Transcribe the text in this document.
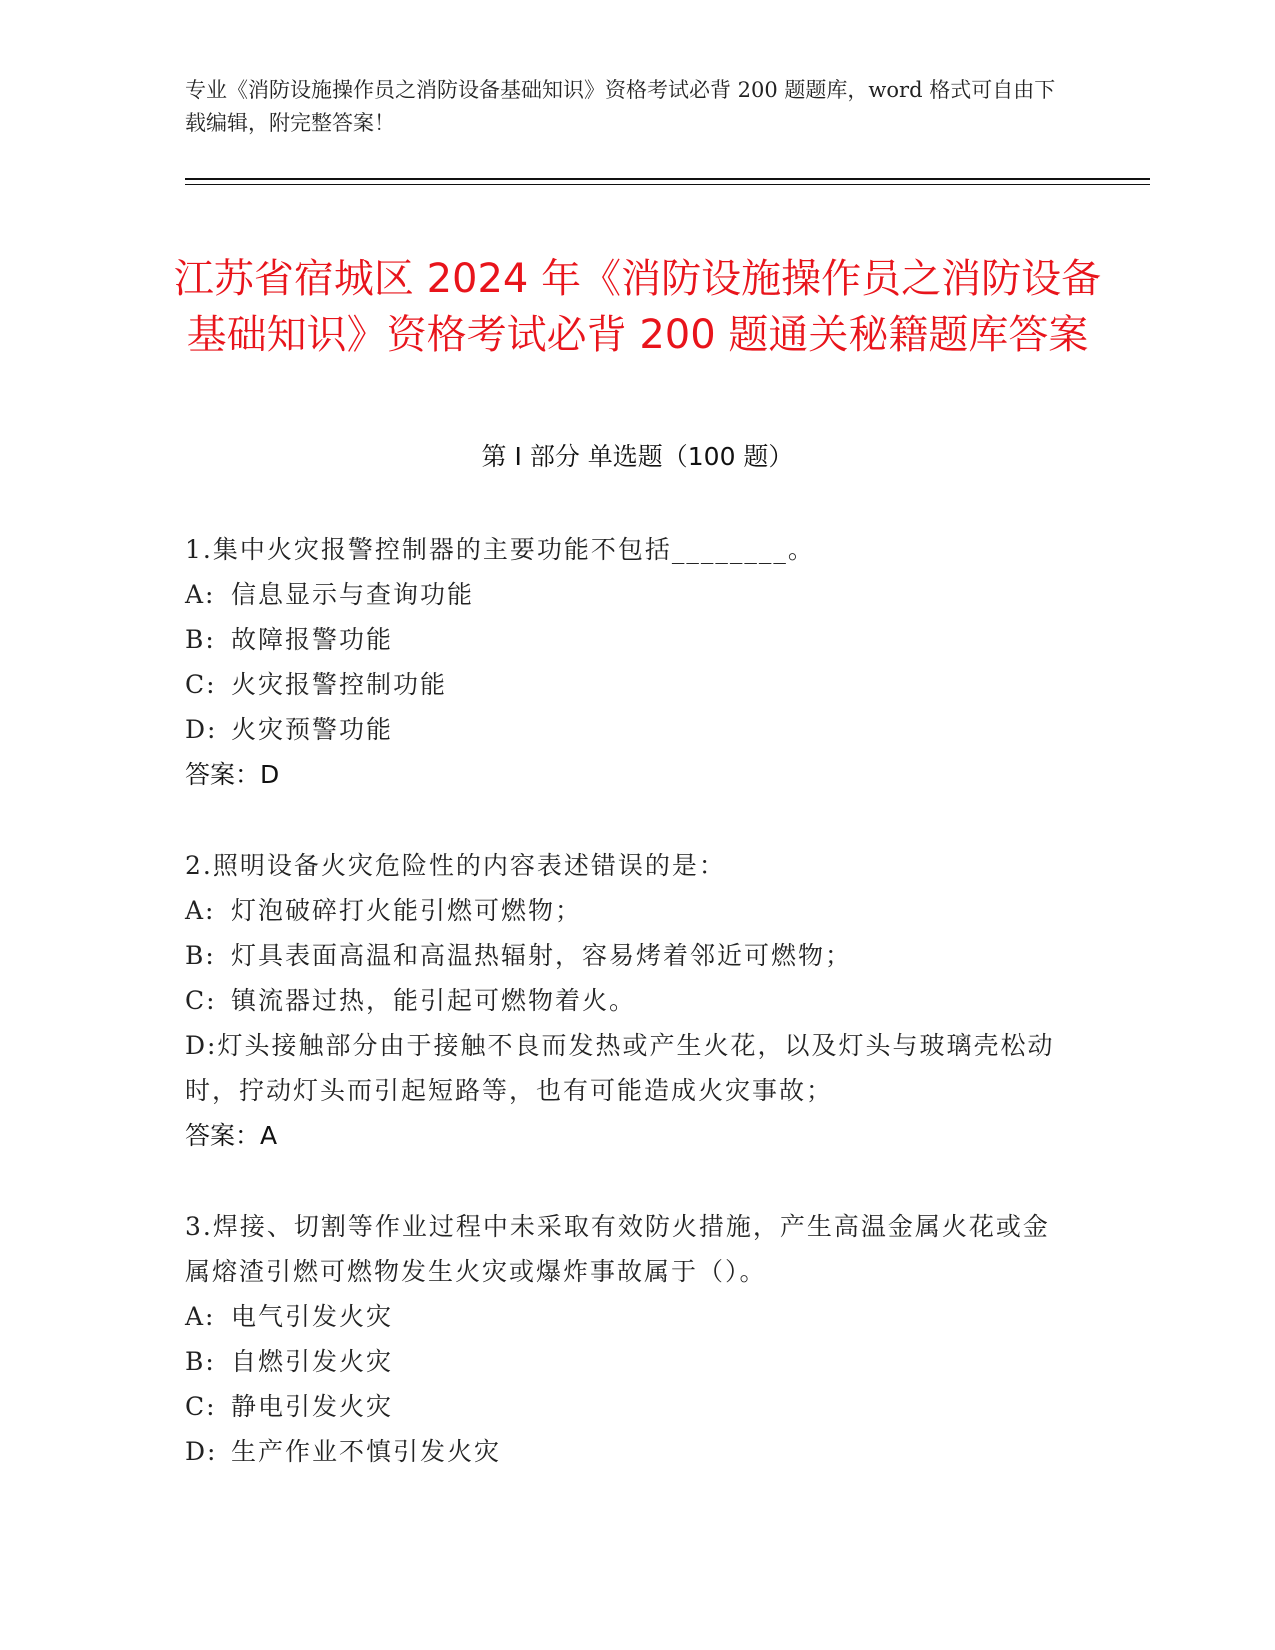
专业《消防设施操作员之消防设备基础知识》资格考试必背 200 题题库，word 格式可自由下载编辑，附完整答案！
江苏省宿城区 2024 年《消防设施操作员之消防设备基础知识》资格考试必背 200 题通关秘籍题库答案
第 I 部分 单选题（100 题）
1.集中火灾报警控制器的主要功能不包括________。
A: 信息显示与查询功能
B: 故障报警功能
C: 火灾报警控制功能
D: 火灾预警功能
答案：D
2.照明设备火灾危险性的内容表述错误的是：
A: 灯泡破碎打火能引燃可燃物；
B: 灯具表面高温和高温热辐射，容易烤着邻近可燃物；
C: 镇流器过热，能引起可燃物着火。
D:灯头接触部分由于接触不良而发热或产生火花，以及灯头与玻璃壳松动时，拧动灯头而引起短路等，也有可能造成火灾事故；
答案：A
3.焊接、切割等作业过程中未采取有效防火措施，产生高温金属火花或金属熔渣引燃可燃物发生火灾或爆炸事故属于（）。
A: 电气引发火灾
B: 自燃引发火灾
C: 静电引发火灾
D: 生产作业不慎引发火灾
